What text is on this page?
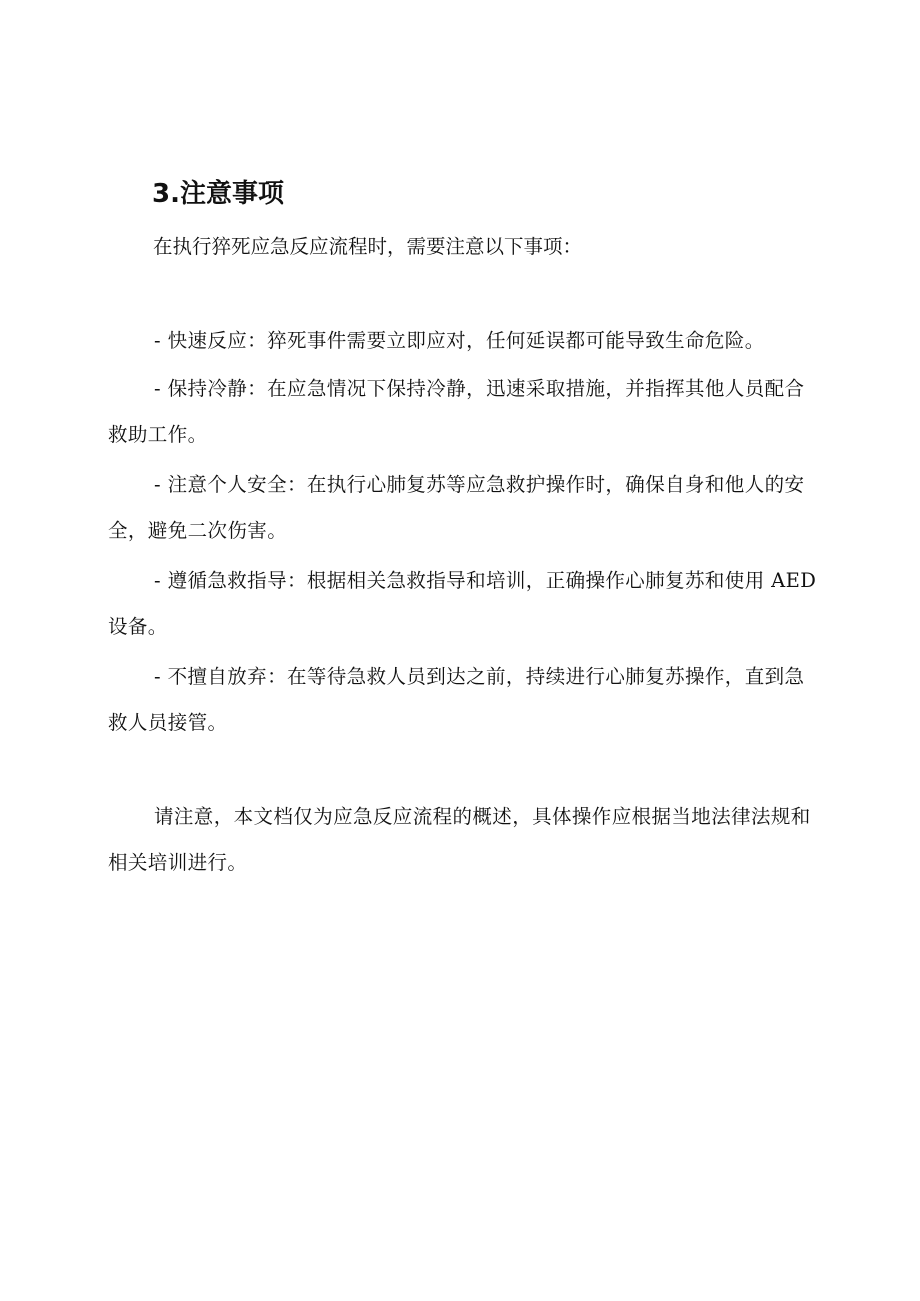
3.注意事项

在执行猝死应急反应流程时，需要注意以下事项：

- 快速反应：猝死事件需要立即应对，任何延误都可能导致生命危险。

- 保持冷静：在应急情况下保持冷静，迅速采取措施，并指挥其他人员配合救助工作。

- 注意个人安全：在执行心肺复苏等应急救护操作时，确保自身和他人的安全，避免二次伤害。

- 遵循急救指导：根据相关急救指导和培训，正确操作心肺复苏和使用 AED 设备。

- 不擅自放弃：在等待急救人员到达之前，持续进行心肺复苏操作，直到急救人员接管。

请注意，本文档仅为应急反应流程的概述，具体操作应根据当地法律法规和相关培训进行。
